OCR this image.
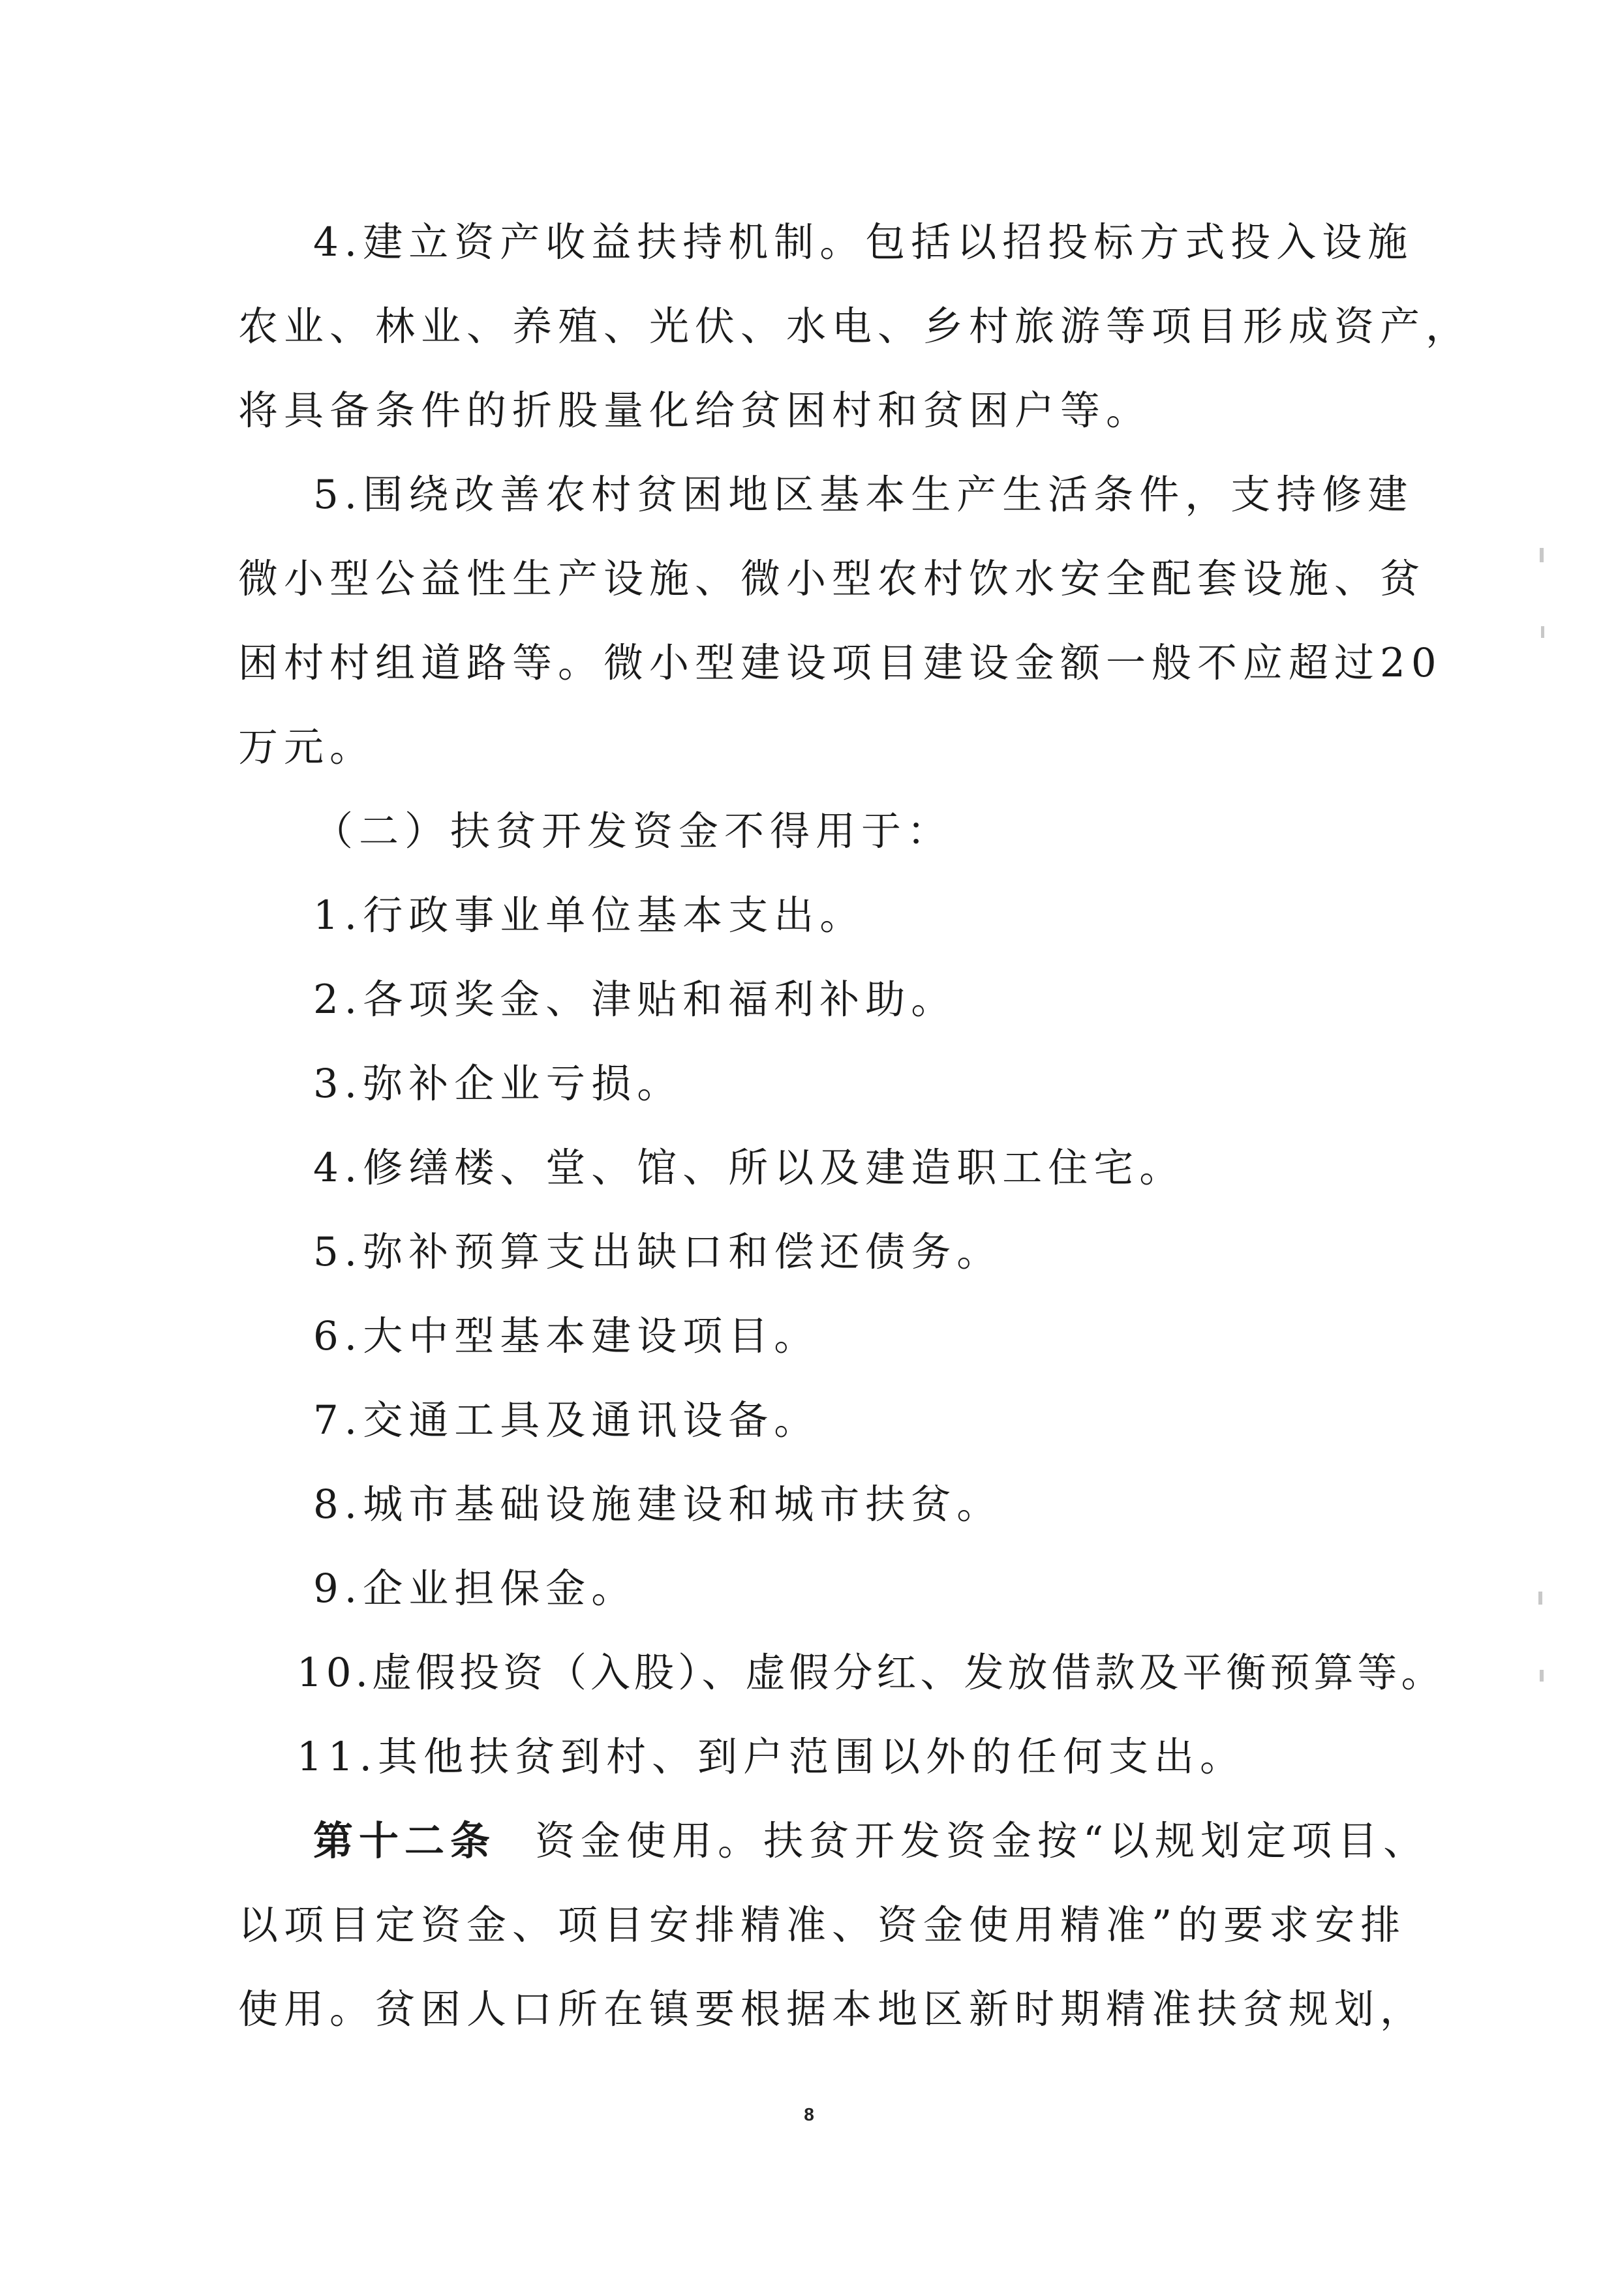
4.建立资产收益扶持机制。包括以招投标方式投入设施

农业、林业、养殖、光伏、水电、乡村旅游等项目形成资产，

将具备条件的折股量化给贫困村和贫困户等。

5.围绕改善农村贫困地区基本生产生活条件，支持修建

微小型公益性生产设施、微小型农村饮水安全配套设施、贫

困村村组道路等。微小型建设项目建设金额一般不应超过20

万元。

（二）扶贫开发资金不得用于：

1.行政事业单位基本支出。

2.各项奖金、津贴和福利补助。

3.弥补企业亏损。

4.修缮楼、堂、馆、所以及建造职工住宅。

5.弥补预算支出缺口和偿还债务。

6.大中型基本建设项目。

7.交通工具及通讯设备。

8.城市基础设施建设和城市扶贫。

9.企业担保金。

10.虚假投资（入股）、虚假分红、发放借款及平衡预算等。

11.其他扶贫到村、到户范围以外的任何支出。

第十二条 资金使用。扶贫开发资金按“以规划定项目、

以项目定资金、项目安排精准、资金使用精准”的要求安排

使用。贫困人口所在镇要根据本地区新时期精准扶贫规划，

8
